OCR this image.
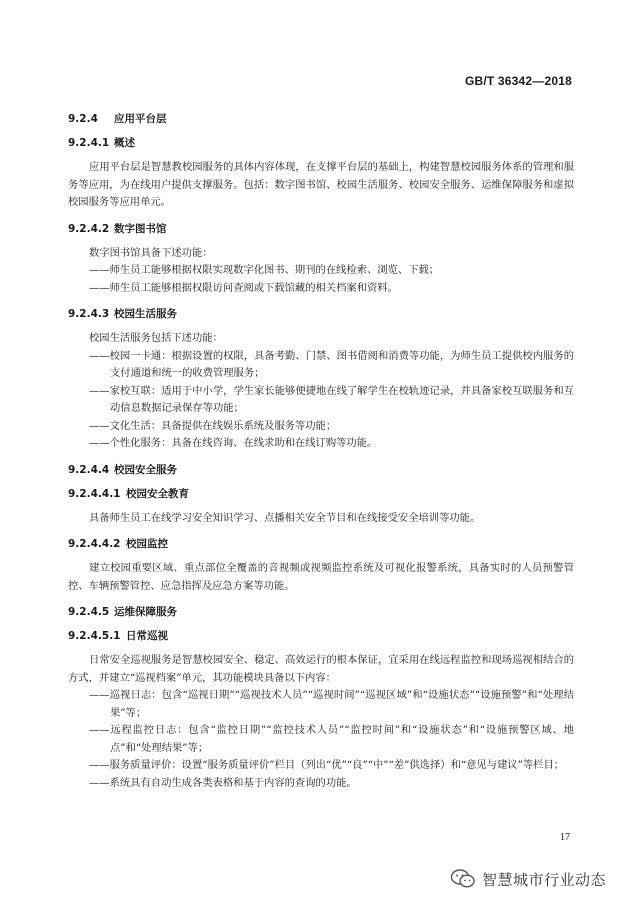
GB/T 36342—2018

9.2.4 应用平台层

9.2.4.1 概述

应用平台层是智慧教校园服务的具体内容体现，在支撑平台层的基础上，构建智慧校园服务体系的管理和服务等应用，为在线用户提供支撑服务。包括：数字图书馆、校园生活服务、校园安全服务、运维保障服务和虚拟校园服务等应用单元。

9.2.4.2 数字图书馆

数字图书馆具备下述功能：

——师生员工能够根据权限实现数字化图书、期刊的在线检索、浏览、下载；

——师生员工能够根据权限访问查阅或下载馆藏的相关档案和资料。

9.2.4.3 校园生活服务

校园生活服务包括下述功能：

——校园一卡通：根据设置的权限，具备考勤、门禁、图书借阅和消费等功能，为师生员工提供校内服务的支付通道和统一的收费管理服务；

——家校互联：适用于中小学，学生家长能够便捷地在线了解学生在校轨迹记录，并具备家校互联服务和互动信息数据记录保存等功能；

——文化生活：具备提供在线娱乐系统及服务等功能；

——个性化服务：具备在线咨询、在线求助和在线订购等功能。

9.2.4.4 校园安全服务

9.2.4.4.1 校园安全教育

具备师生员工在线学习安全知识学习、点播相关安全节目和在线接受安全培训等功能。

9.2.4.4.2 校园监控

建立校园重要区域、重点部位全覆盖的音视频或视频监控系统及可视化报警系统，具备实时的人员预警管控、车辆预警管控、应急指挥及应急方案等功能。

9.2.4.5 运维保障服务

9.2.4.5.1 日常巡视

日常安全巡视服务是智慧校园安全、稳定、高效运行的根本保证，宜采用在线远程监控和现场巡视相结合的方式，并建立“巡视档案”单元，其功能模块具备以下内容：

——巡视日志：包含“巡视日期”“巡视技术人员”“巡视时间”“巡视区域”和“设施状态”“设施预警”和“处理结果”等；

——远程监控日志：包含“监控日期”“监控技术人员”“监控时间”和“设施状态”和“设施预警区域、地点”和“处理结果”等；

——服务质量评价：设置“服务质量评价”栏目（列出“优”“良”“中”“差”供选择）和“意见与建议”等栏目；

——系统具有自动生成各类表格和基于内容的查询的功能。

17
智慧城市行业动态
